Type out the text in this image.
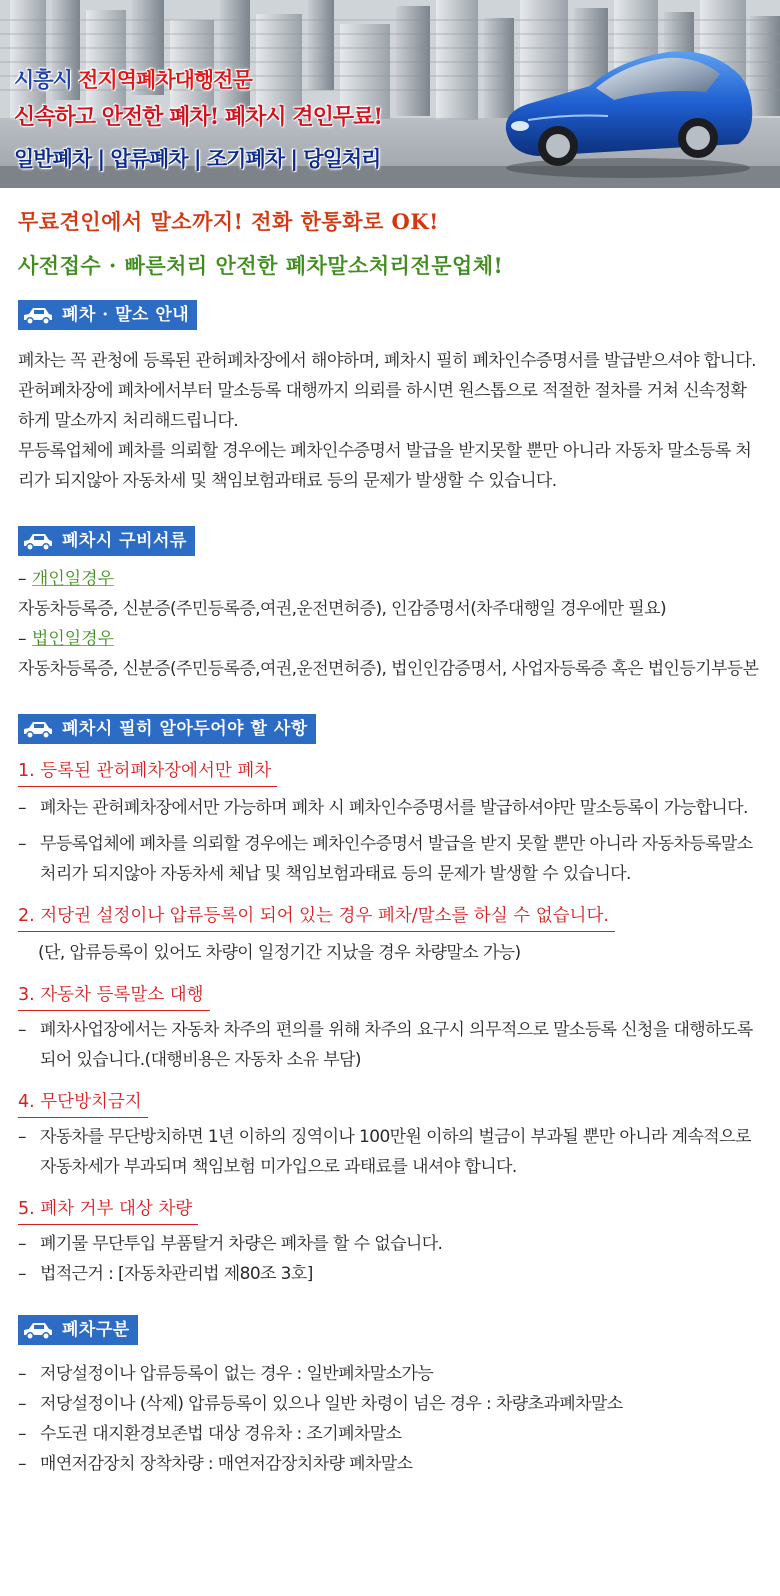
시흥시 전지역폐차대행전문
신속하고 안전한 폐차! 폐차시 견인무료!
일반폐차 | 압류폐차 | 조기폐차 | 당일처리
무료견인에서 말소까지! 전화 한통화로 OK!
사전접수 · 빠른처리 안전한 폐차말소처리전문업체!
폐차 · 말소 안내
폐차는 꼭 관청에 등록된 관허폐차장에서 해야하며, 폐차시 필히 폐차인수증명서를 발급받으셔야 합니다. 관허폐차장에 폐차에서부터 말소등록 대행까지 의뢰를 하시면 원스톱으로 적절한 절차를 거쳐 신속정확하게 말소까지 처리해드립니다.
무등록업체에 폐차를 의뢰할 경우에는 폐차인수증명서 발급을 받지못할 뿐만 아니라 자동차 말소등록 처리가 되지않아 자동차세 및 책임보험과태료 등의 문제가 발생할 수 있습니다.
폐차시 구비서류
– 개인일경우
자동차등록증, 신분증(주민등록증,여권,운전면허증), 인감증명서(차주대행일 경우에만 필요)
– 법인일경우
자동차등록증, 신분증(주민등록증,여권,운전면허증), 법인인감증명서, 사업자등록증 혹은 법인등기부등본
폐차시 필히 알아두어야 할 사항
1. 등록된 관허폐차장에서만 폐차
– 폐차는 관허폐차장에서만 가능하며 폐차 시 폐차인수증명서를 발급하셔야만 말소등록이 가능합니다.
– 무등록업체에 폐차를 의뢰할 경우에는 폐차인수증명서 발급을 받지 못할 뿐만 아니라 자동차등록말소처리가 되지않아 자동차세 체납 및 책임보험과태료 등의 문제가 발생할 수 있습니다.
2. 저당권 설정이나 압류등록이 되어 있는 경우 폐차/말소를 하실 수 없습니다.
(단, 압류등록이 있어도 차량이 일정기간 지났을 경우 차량말소 가능)
3. 자동차 등록말소 대행
– 폐차사업장에서는 자동차 차주의 편의를 위해 차주의 요구시 의무적으로 말소등록 신청을 대행하도록 되어 있습니다.(대행비용은 자동차 소유 부담)
4. 무단방치금지
– 자동차를 무단방치하면 1년 이하의 징역이나 100만원 이하의 벌금이 부과될 뿐만 아니라 계속적으로 자동차세가 부과되며 책임보험 미가입으로 과태료를 내셔야 합니다.
5. 폐차 거부 대상 차량
– 폐기물 무단투입 부품탈거 차량은 폐차를 할 수 없습니다.
– 법적근거 : [자동차관리법 제80조 3호]
폐차구분
– 저당설정이나 압류등록이 없는 경우 : 일반폐차말소가능
– 저당설정이나 (삭제) 압류등록이 있으나 일반 차령이 넘은 경우 : 차량초과폐차말소
– 수도권 대지환경보존법 대상 경유차 : 조기폐차말소
– 매연저감장치 장착차량 : 매연저감장치차량 폐차말소
